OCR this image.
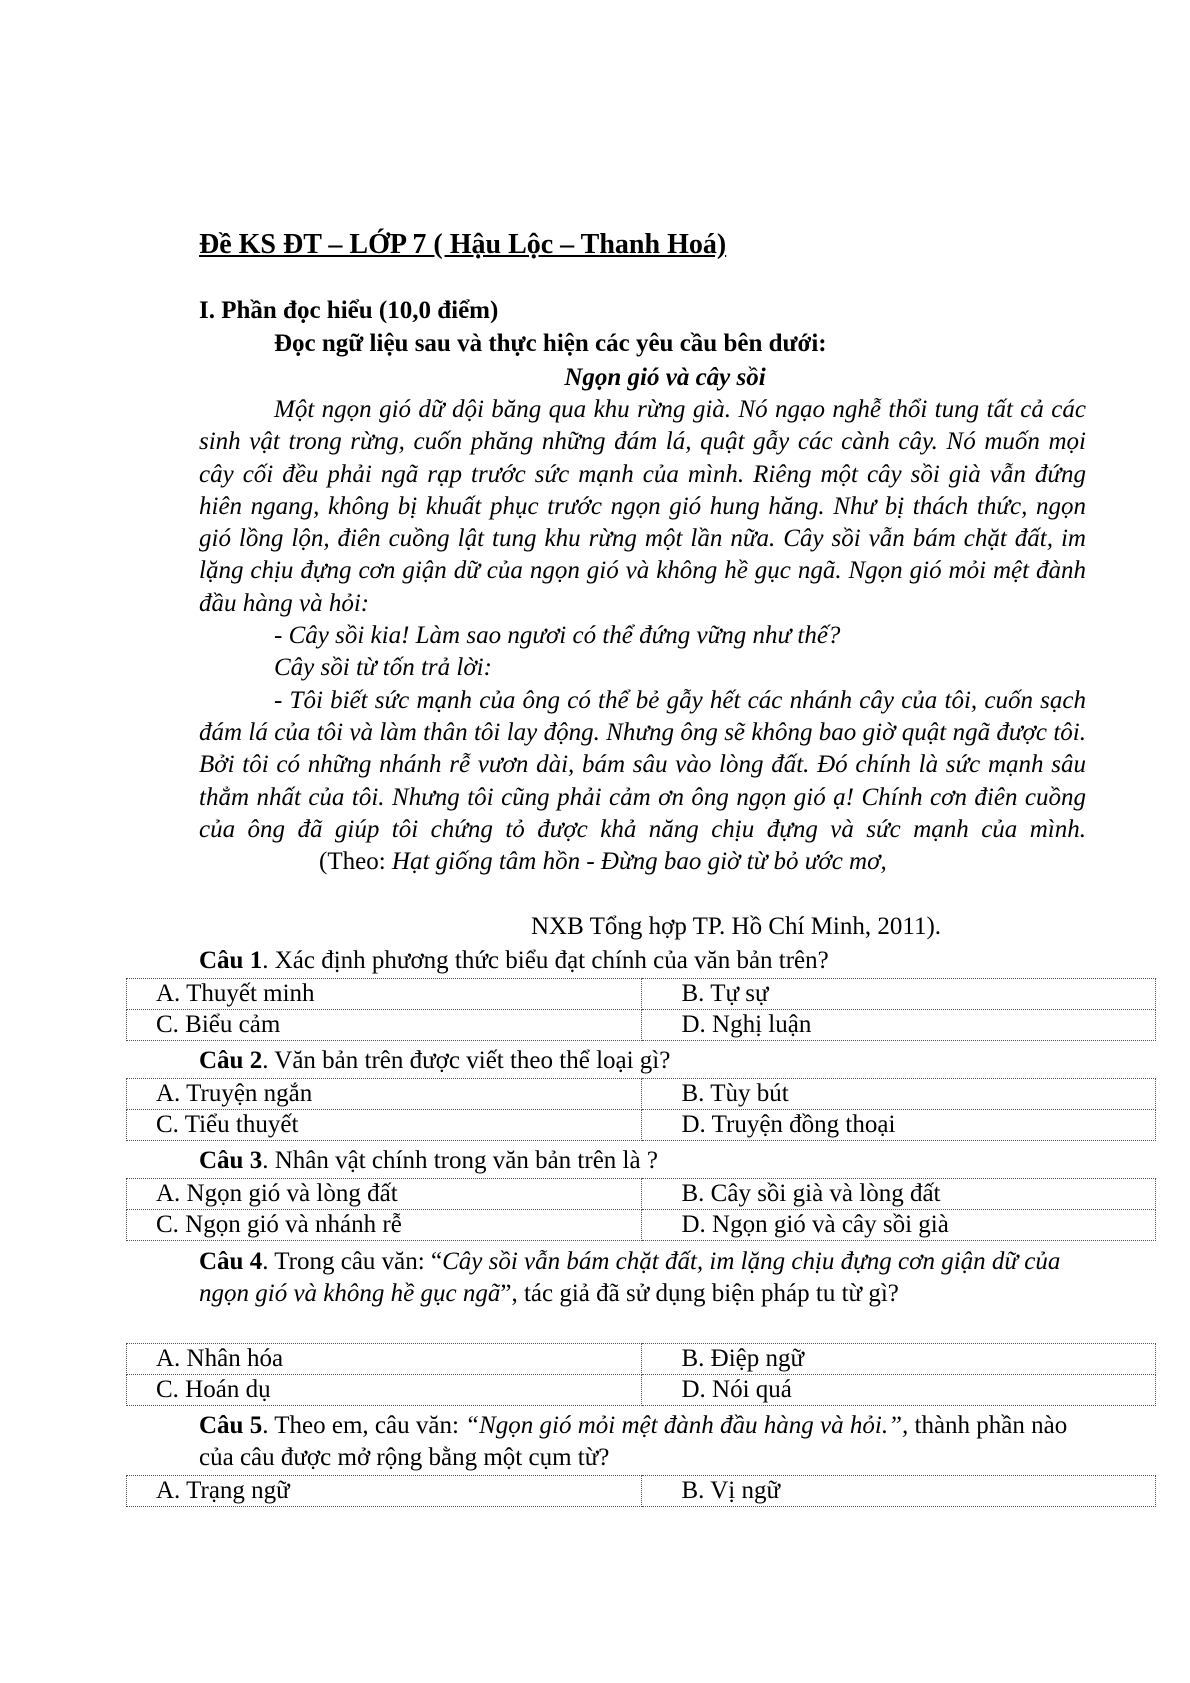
Đề KS ĐT – LỚP 7 ( Hậu Lộc – Thanh Hoá)
I. Phần đọc hiểu (10,0 điểm)
Đọc ngữ liệu sau và thực hiện các yêu cầu bên dưới:
Ngọn gió và cây sồi

Một ngọn gió dữ dội băng qua khu rừng già. Nó ngạo nghễ thổi tung tất cả các sinh vật trong rừng, cuốn phăng những đám lá, quật gẫy các cành cây. Nó muốn mọi cây cối đều phải ngã rạp trước sức mạnh của mình. Riêng một cây sồi già vẫn đứng hiên ngang, không bị khuất phục trước ngọn gió hung hăng. Như bị thách thức, ngọn gió lồng lộn, điên cuồng lật tung khu rừng một lần nữa. Cây sồi vẫn bám chặt đất, im lặng chịu đựng cơn giận dữ của ngọn gió và không hề gục ngã. Ngọn gió mỏi mệt đành đầu hàng và hỏi:

- Cây sồi kia! Làm sao ngươi có thể đứng vững như thế?

Cây sồi từ tốn trả lời:

- Tôi biết sức mạnh của ông có thể bẻ gẫy hết các nhánh cây của tôi, cuốn sạch đám lá của tôi và làm thân tôi lay động. Nhưng ông sẽ không bao giờ quật ngã được tôi. Bởi tôi có những nhánh rễ vươn dài, bám sâu vào lòng đất. Đó chính là sức mạnh sâu thẳm nhất của tôi. Nhưng tôi cũng phải cảm ơn ông ngọn gió ạ! Chính cơn điên cuồng của ông đã giúp tôi chứng tỏ được khả năng chịu đựng và sức mạnh của mình.(Theo: Hạt giống tâm hồn - Đừng bao giờ từ bỏ ước mơ,

NXB Tổng hợp TP. Hồ Chí Minh, 2011).
Câu 1. Xác định phương thức biểu đạt chính của văn bản trên?
A. Thuyết minh	B. Tự sự
C. Biểu cảm	D. Nghị luận
Câu 2. Văn bản trên được viết theo thể loại gì?
A. Truyện ngắn	B. Tùy bút
C. Tiểu thuyết	D. Truyện đồng thoại
Câu 3. Nhân vật chính trong văn bản trên là ?
A. Ngọn gió và lòng đất	B. Cây sồi già và lòng đất
C. Ngọn gió và nhánh rễ	D. Ngọn gió và cây sồi già
Câu 4. Trong câu văn: “Cây sồi vẫn bám chặt đất, im lặng chịu đựng cơn giận dữ của ngọn gió và không hề gục ngã”, tác giả đã sử dụng biện pháp tu từ gì?
A. Nhân hóa	B. Điệp ngữ
C. Hoán dụ	D. Nói quá
Câu 5. Theo em, câu văn: “Ngọn gió mỏi mệt đành đầu hàng và hỏi.”, thành phần nào của câu được mở rộng bằng một cụm từ?
A. Trạng ngữ	B. Vị ngữ
